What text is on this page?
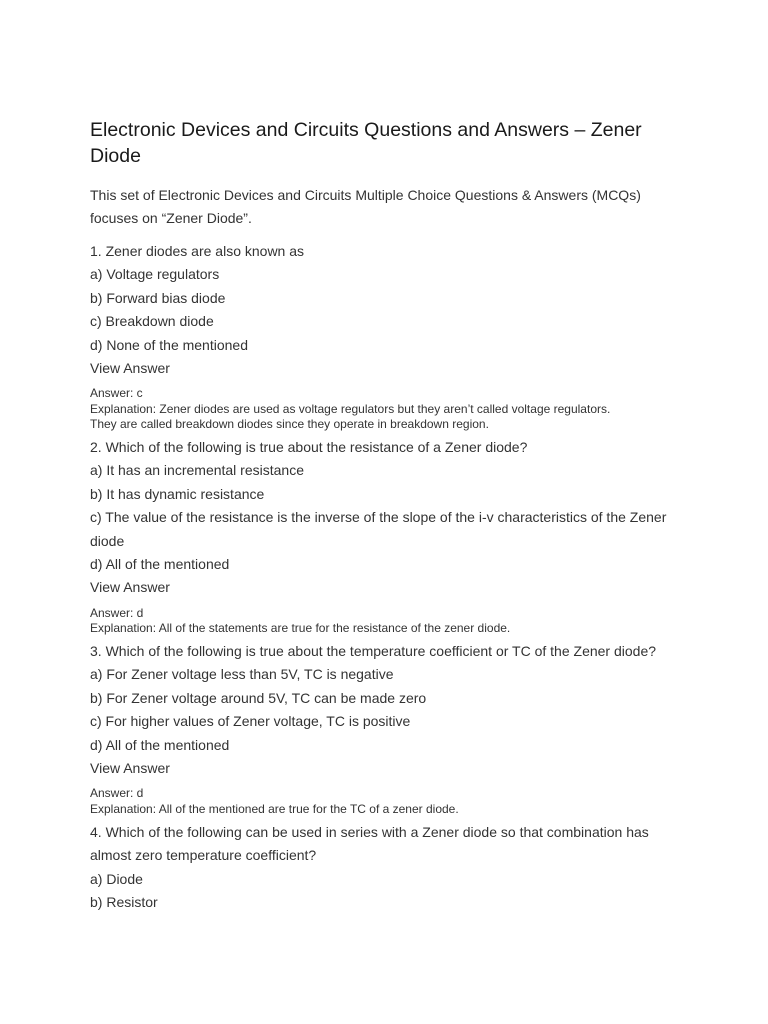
Electronic Devices and Circuits Questions and Answers – Zener Diode

This set of Electronic Devices and Circuits Multiple Choice Questions & Answers (MCQs) focuses on “Zener Diode”.

1. Zener diodes are also known as
a) Voltage regulators
b) Forward bias diode
c) Breakdown diode
d) None of the mentioned
View Answer
Answer: c
Explanation: Zener diodes are used as voltage regulators but they aren’t called voltage regulators.
They are called breakdown diodes since they operate in breakdown region.
2. Which of the following is true about the resistance of a Zener diode?
a) It has an incremental resistance
b) It has dynamic resistance
c) The value of the resistance is the inverse of the slope of the i-v characteristics of the Zener diode
d) All of the mentioned
View Answer
Answer: d
Explanation: All of the statements are true for the resistance of the zener diode.
3. Which of the following is true about the temperature coefficient or TC of the Zener diode?
a) For Zener voltage less than 5V, TC is negative
b) For Zener voltage around 5V, TC can be made zero
c) For higher values of Zener voltage, TC is positive
d) All of the mentioned
View Answer
Answer: d
Explanation: All of the mentioned are true for the TC of a zener diode.
4. Which of the following can be used in series with a Zener diode so that combination has almost zero temperature coefficient?
a) Diode
b) Resistor
